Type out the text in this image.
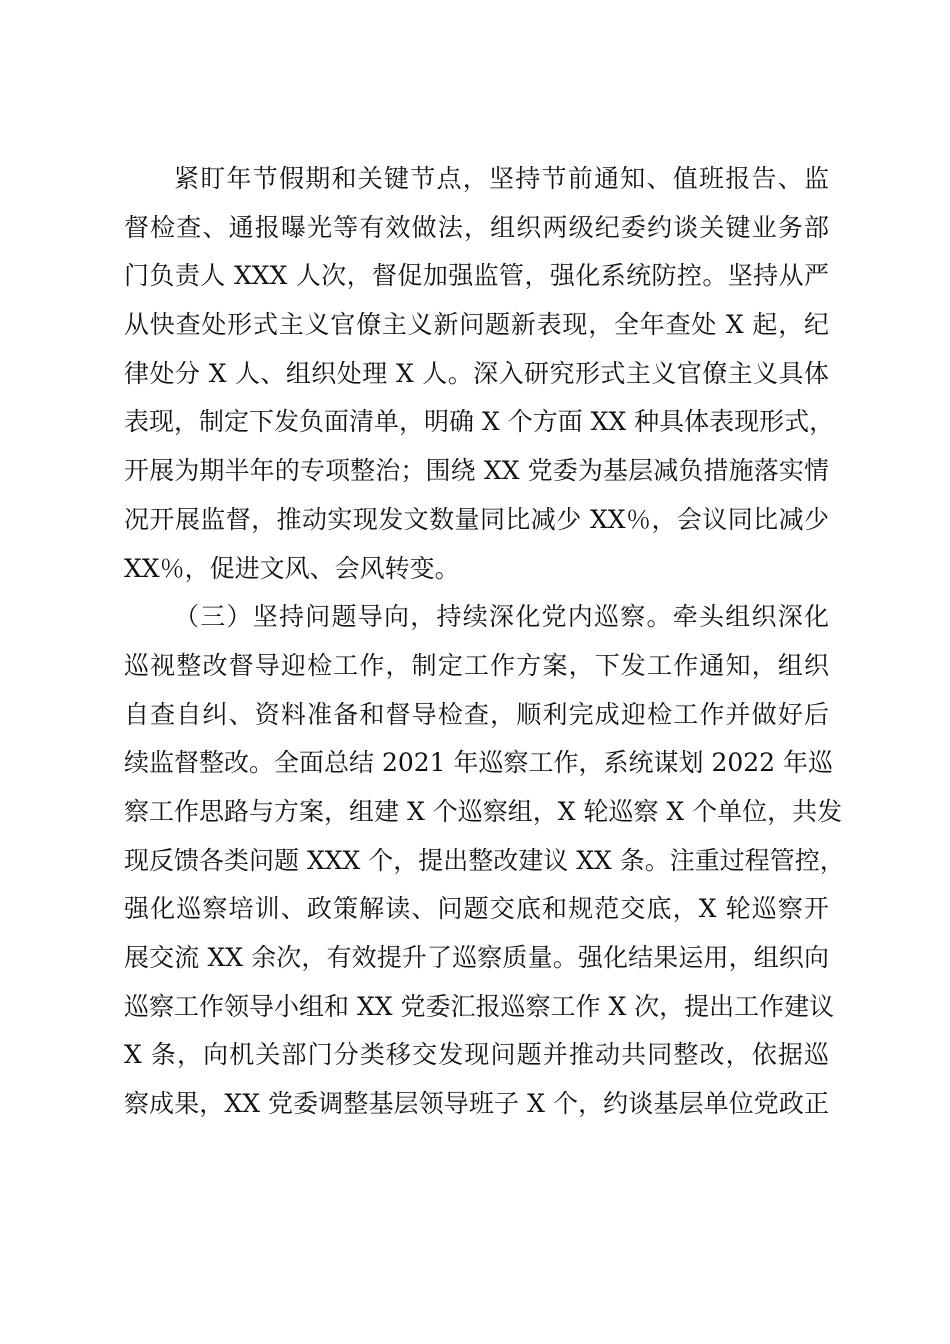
紧盯年节假期和关键节点，坚持节前通知、值班报告、监
督检查、通报曝光等有效做法，组织两级纪委约谈关键业务部
门负责人 XXX 人次，督促加强监管，强化系统防控。坚持从严
从快查处形式主义官僚主义新问题新表现，全年查处 X 起，纪
律处分 X 人、组织处理 X 人。深入研究形式主义官僚主义具体
表现，制定下发负面清单，明确 X 个方面 XX 种具体表现形式，
开展为期半年的专项整治；围绕 XX 党委为基层减负措施落实情
况开展监督，推动实现发文数量同比减少 XX％，会议同比减少
XX％，促进文风、会风转变。
（三）坚持问题导向，持续深化党内巡察。牵头组织深化
巡视整改督导迎检工作，制定工作方案，下发工作通知，组织
自查自纠、资料准备和督导检查，顺利完成迎检工作并做好后
续监督整改。全面总结 2021 年巡察工作，系统谋划 2022 年巡
察工作思路与方案，组建 X 个巡察组，X 轮巡察 X 个单位，共发
现反馈各类问题 XXX 个，提出整改建议 XX 条。注重过程管控，
强化巡察培训、政策解读、问题交底和规范交底，X 轮巡察开
展交流 XX 余次，有效提升了巡察质量。强化结果运用，组织向
巡察工作领导小组和 XX 党委汇报巡察工作 X 次，提出工作建议
X 条，向机关部门分类移交发现问题并推动共同整改，依据巡
察成果，XX 党委调整基层领导班子 X 个，约谈基层单位党政正
